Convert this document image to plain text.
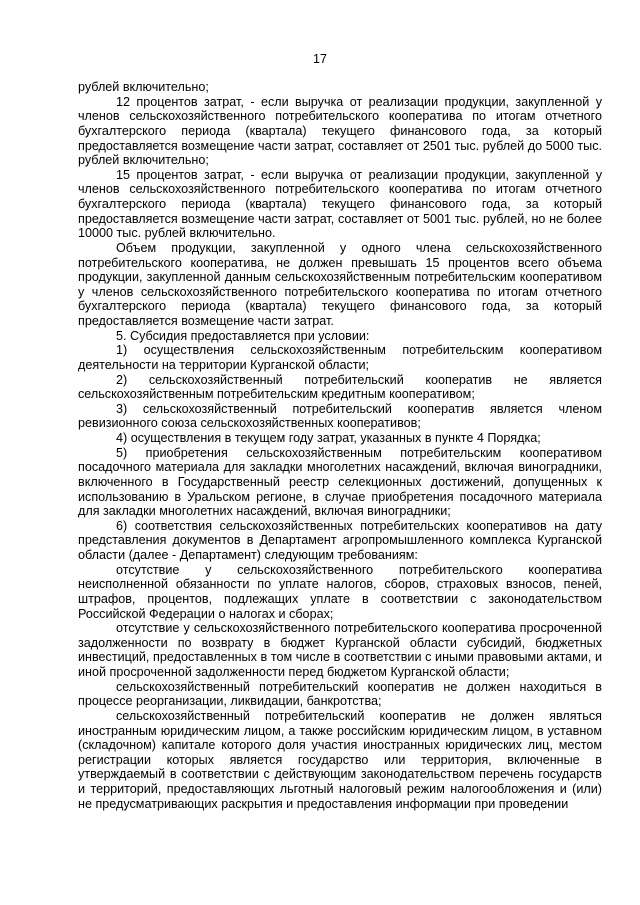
17

рублей включительно;

12 процентов затрат, - если выручка от реализации продукции, закупленной у членов сельскохозяйственного потребительского кооператива по итогам отчетного бухгалтерского периода (квартала) текущего финансового года, за который предоставляется возмещение части затрат, составляет от 2501 тыс. рублей до 5000 тыс. рублей включительно;

15 процентов затрат, - если выручка от реализации продукции, закупленной у членов сельскохозяйственного потребительского кооператива по итогам отчетного бухгалтерского периода (квартала) текущего финансового года, за который предоставляется возмещение части затрат, составляет от 5001 тыс. рублей, но не более 10000 тыс. рублей включительно.

Объем продукции, закупленной у одного члена сельскохозяйственного потребительского кооператива, не должен превышать 15 процентов всего объема продукции, закупленной данным сельскохозяйственным потребительским кооперативом у членов сельскохозяйственного потребительского кооператива по итогам отчетного бухгалтерского периода (квартала) текущего финансового года, за который предоставляется возмещение части затрат.

5. Субсидия предоставляется при условии:

1) осуществления сельскохозяйственным потребительским кооперативом деятельности на территории Курганской области;

2) сельскохозяйственный потребительский кооператив не является сельскохозяйственным потребительским кредитным кооперативом;

3) сельскохозяйственный потребительский кооператив является членом ревизионного союза сельскохозяйственных кооперативов;

4) осуществления в текущем году затрат, указанных в пункте 4 Порядка;

5) приобретения сельскохозяйственным потребительским кооперативом посадочного материала для закладки многолетних насаждений, включая виноградники, включенного в Государственный реестр селекционных достижений, допущенных к использованию в Уральском регионе, в случае приобретения посадочного материала для закладки многолетних насаждений, включая виноградники;

6) соответствия сельскохозяйственных потребительских кооперативов на дату представления документов в Департамент агропромышленного комплекса Курганской области (далее - Департамент) следующим требованиям:

отсутствие у сельскохозяйственного потребительского кооператива неисполненной обязанности по уплате налогов, сборов, страховых взносов, пеней, штрафов, процентов, подлежащих уплате в соответствии с законодательством Российской Федерации о налогах и сборах;

отсутствие у сельскохозяйственного потребительского кооператива просроченной задолженности по возврату в бюджет Курганской области субсидий, бюджетных инвестиций, предоставленных в том числе в соответствии с иными правовыми актами, и иной просроченной задолженности перед бюджетом Курганской области;

сельскохозяйственный потребительский кооператив не должен находиться в процессе реорганизации, ликвидации, банкротства;

сельскохозяйственный потребительский кооператив не должен являться иностранным юридическим лицом, а также российским юридическим лицом, в уставном (складочном) капитале которого доля участия иностранных юридических лиц, местом регистрации которых является государство или территория, включенные в утверждаемый в соответствии с действующим законодательством перечень государств и территорий, предоставляющих льготный налоговый режим налогообложения и (или) не предусматривающих раскрытия и предоставления информации при проведении
